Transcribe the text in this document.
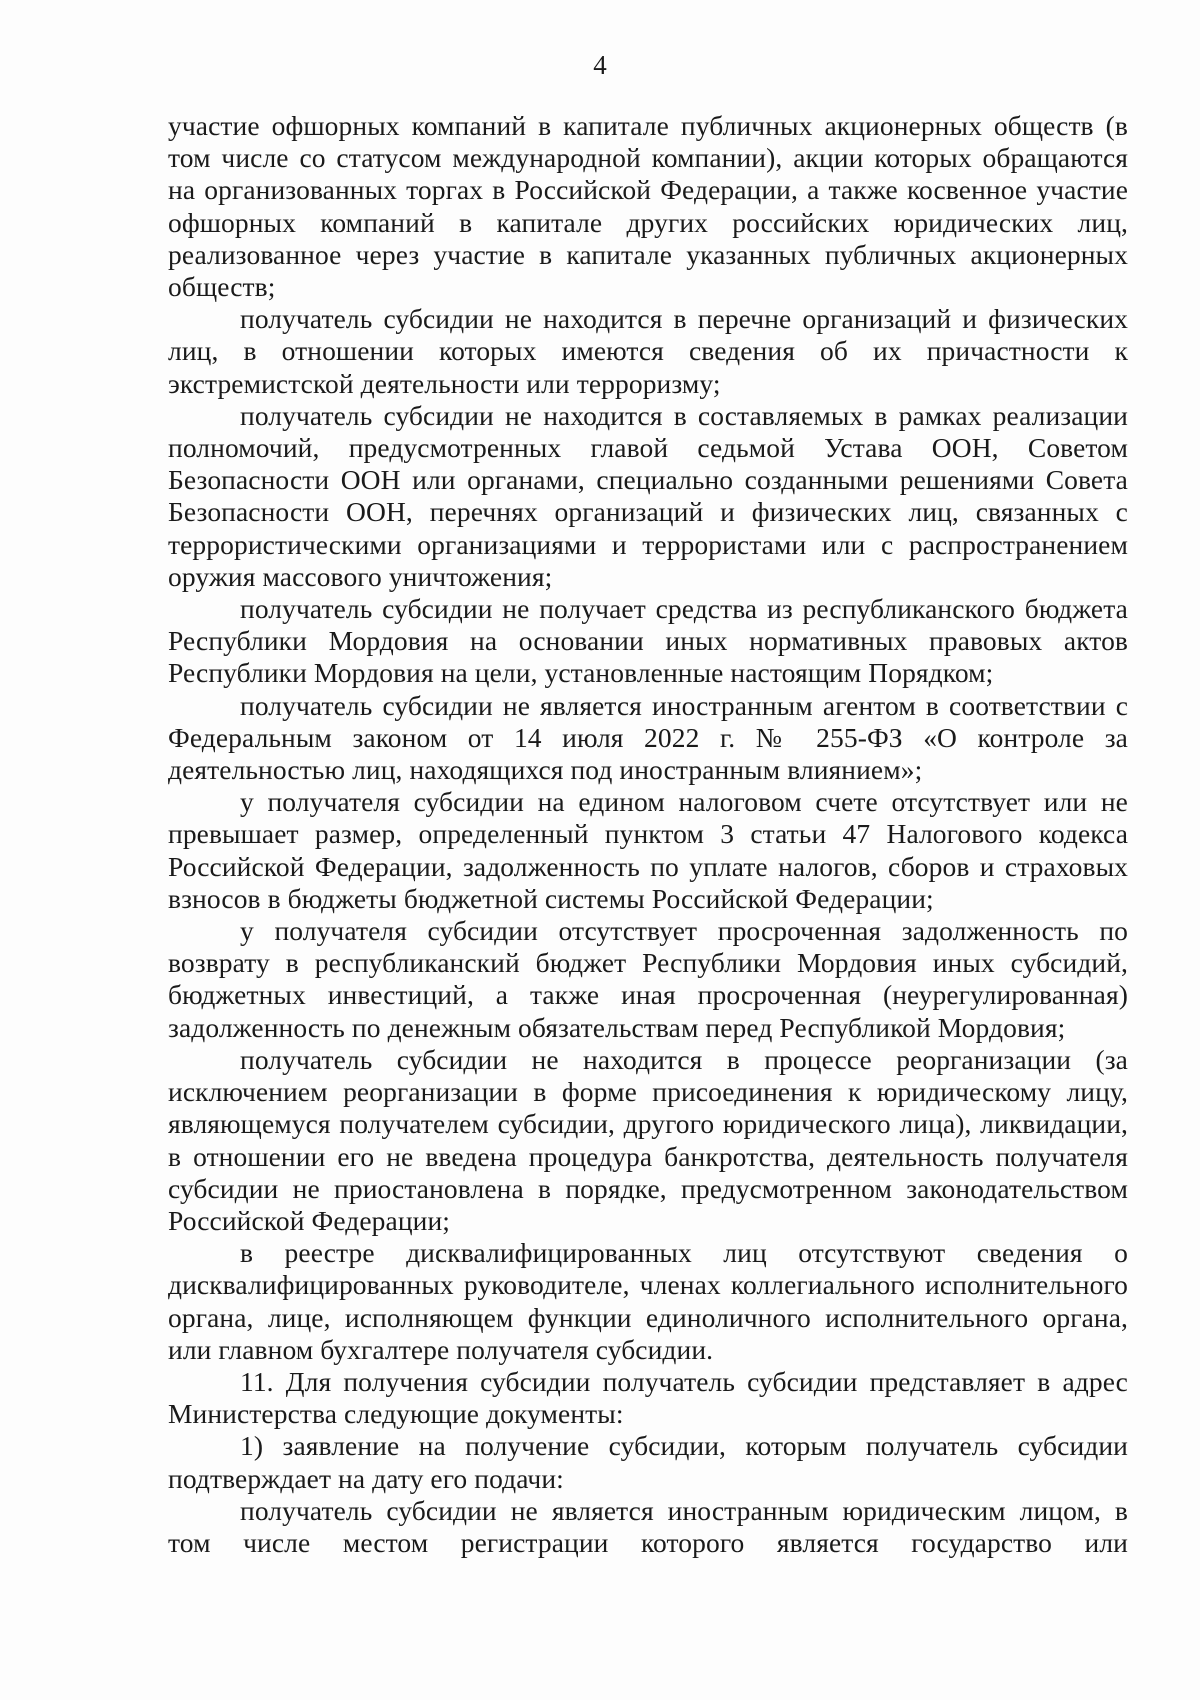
4

участие офшорных компаний в капитале публичных акционерных обществ (в том числе со статусом международной компании), акции которых обращаются на организованных торгах в Российской Федерации, а также косвенное участие офшорных компаний в капитале других российских юридических лиц, реализованное через участие в капитале указанных публичных акционерных обществ;

получатель субсидии не находится в перечне организаций и физических лиц, в отношении которых имеются сведения об их причастности к экстремистской деятельности или терроризму;

получатель субсидии не находится в составляемых в рамках реализации полномочий, предусмотренных главой седьмой Устава ООН, Советом Безопасности ООН или органами, специально созданными решениями Совета Безопасности ООН, перечнях организаций и физических лиц, связанных с террористическими организациями и террористами или с распространением оружия массового уничтожения;

получатель субсидии не получает средства из республиканского бюджета Республики Мордовия на основании иных нормативных правовых актов Республики Мордовия на цели, установленные настоящим Порядком;

получатель субсидии не является иностранным агентом в соответствии с Федеральным законом от 14 июля 2022 г. № 255-ФЗ «О контроле за деятельностью лиц, находящихся под иностранным влиянием»;

у получателя субсидии на едином налоговом счете отсутствует или не превышает размер, определенный пунктом 3 статьи 47 Налогового кодекса Российской Федерации, задолженность по уплате налогов, сборов и страховых взносов в бюджеты бюджетной системы Российской Федерации;

у получателя субсидии отсутствует просроченная задолженность по возврату в республиканский бюджет Республики Мордовия иных субсидий, бюджетных инвестиций, а также иная просроченная (неурегулированная) задолженность по денежным обязательствам перед Республикой Мордовия;

получатель субсидии не находится в процессе реорганизации (за исключением реорганизации в форме присоединения к юридическому лицу, являющемуся получателем субсидии, другого юридического лица), ликвидации, в отношении его не введена процедура банкротства, деятельность получателя субсидии не приостановлена в порядке, предусмотренном законодательством Российской Федерации;

в реестре дисквалифицированных лиц отсутствуют сведения о дисквалифицированных руководителе, членах коллегиального исполнительного органа, лице, исполняющем функции единоличного исполнительного органа, или главном бухгалтере получателя субсидии.

11. Для получения субсидии получатель субсидии представляет в адрес Министерства следующие документы:

1) заявление на получение субсидии, которым получатель субсидии подтверждает на дату его подачи:

получатель субсидии не является иностранным юридическим лицом, в том числе местом регистрации которого является государство или
